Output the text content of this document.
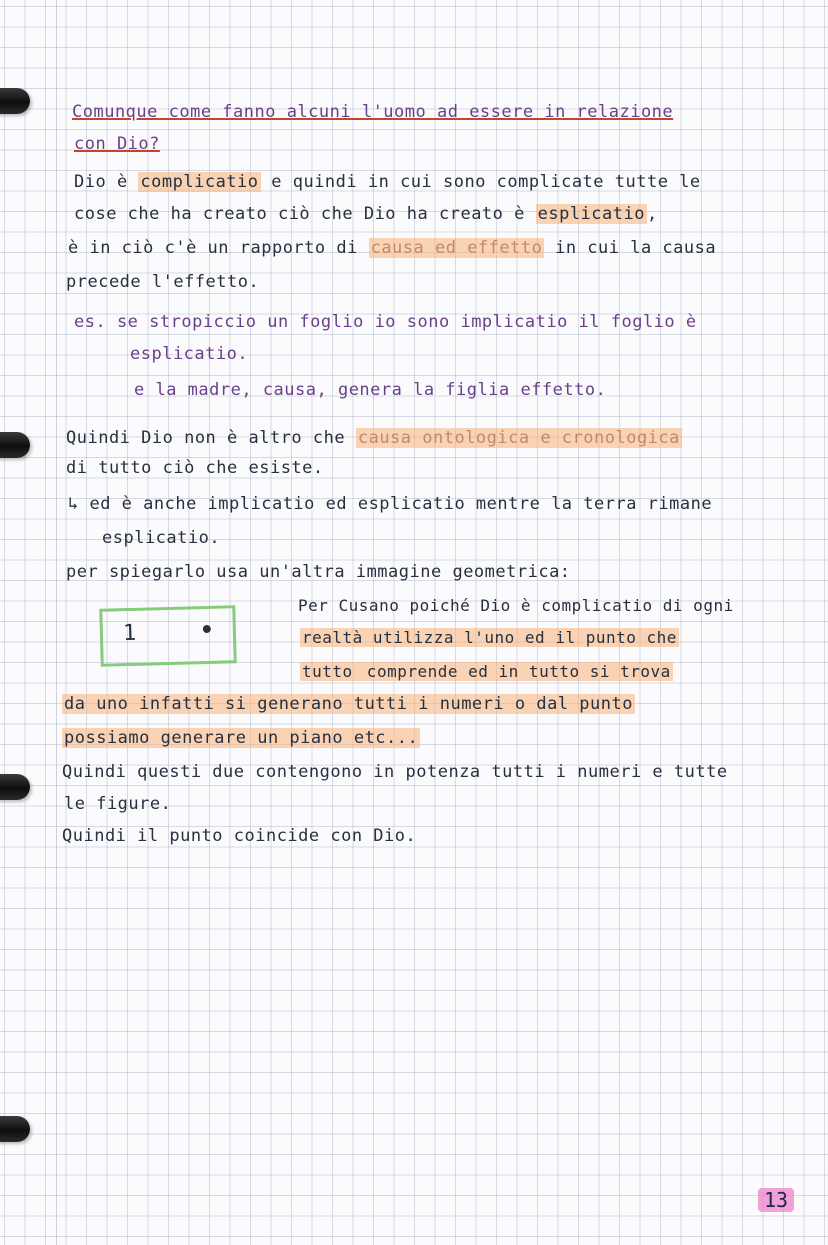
Comunque come fanno alcuni l'uomo ad essere in relazione
con Dio?
Dio è complicatio e quindi in cui sono complicate tutte le
cose che ha creato ciò che Dio ha creato è esplicatio ,
è in ciò c'è un rapporto di causa ed effetto in cui la causa
precede l'effetto.
es. se stropiccio un foglio io sono implicatio il foglio è
esplicatio.
e la madre, causa, genera la figlia effetto.
Quindi Dio non è altro che causa ontologica e cronologica
di tutto ciò che esiste.
↳ ed è anche implicatio ed esplicatio mentre la terra rimane
esplicatio.
per spiegarlo usa un'altra immagine geometrica:
1
Per Cusano poiché Dio è complicatio di ogni
realtà utilizza l'uno ed il punto che
tutto comprende ed in tutto si trova
da uno infatti si generano tutti i numeri o dal punto
possiamo generare un piano etc...
Quindi questi due contengono in potenza tutti i numeri e tutte
le figure.
Quindi il punto coincide con Dio.
13
